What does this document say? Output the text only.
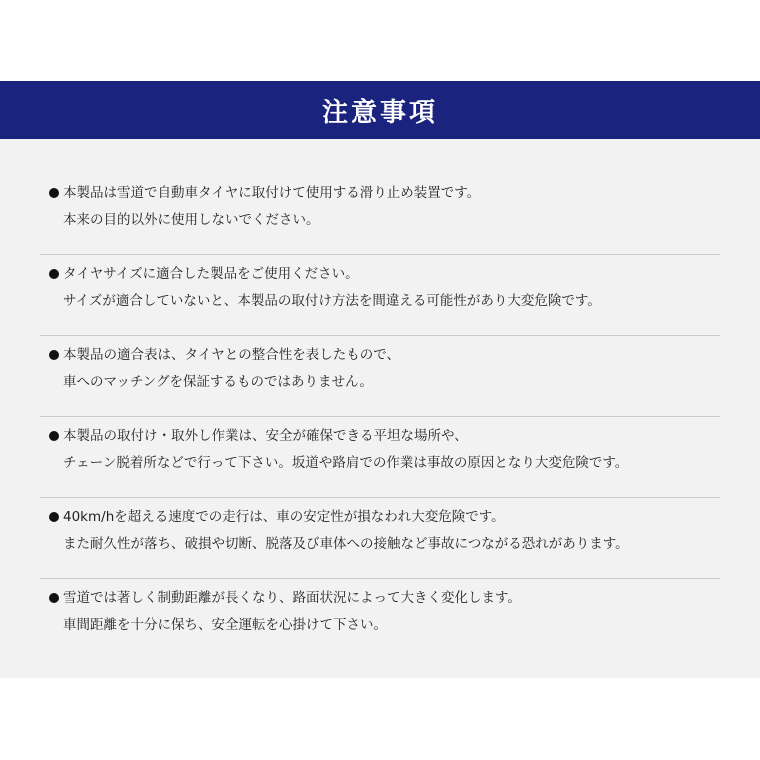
注意事項
本製品は雪道で自動車タイヤに取付けて使用する滑り止め装置です。
本来の目的以外に使用しないでください。
タイヤサイズに適合した製品をご使用ください。
サイズが適合していないと、本製品の取付け方法を間違える可能性があり大変危険です。
本製品の適合表は、タイヤとの整合性を表したもので、
車へのマッチングを保証するものではありません。
本製品の取付け・取外し作業は、安全が確保できる平坦な場所や、
チェーン脱着所などで行って下さい。坂道や路肩での作業は事故の原因となり大変危険です。
40km/hを超える速度での走行は、車の安定性が損なわれ大変危険です。
また耐久性が落ち、破損や切断、脱落及び車体への接触など事故につながる恐れがあります。
雪道では著しく制動距離が長くなり、路面状況によって大きく変化します。
車間距離を十分に保ち、安全運転を心掛けて下さい。
